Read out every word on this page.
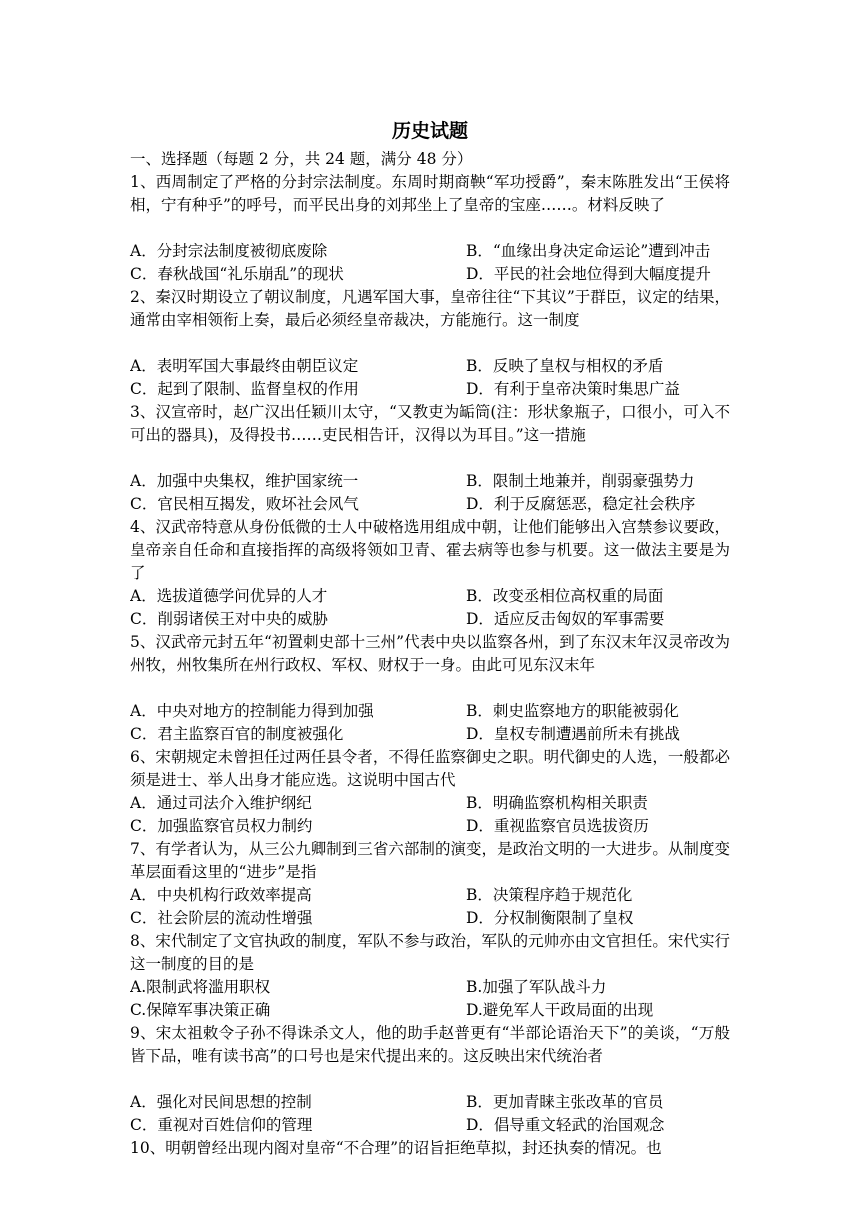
历史试题
一、选择题（每题 2 分，共 24 题，满分 48 分）
1、西周制定了严格的分封宗法制度。东周时期商鞅“军功授爵”，秦末陈胜发出“王侯将相，宁有种乎”的呼号，而平民出身的刘邦坐上了皇帝的宝座……。材料反映了
A．分封宗法制度被彻底废除	B．“血缘出身决定命运论”遭到冲击
C．春秋战国“礼乐崩乱”的现状	D．平民的社会地位得到大幅度提升
2、秦汉时期设立了朝议制度，凡遇军国大事，皇帝往往“下其议”于群臣，议定的结果，通常由宰相领衔上奏，最后必须经皇帝裁决，方能施行。这一制度
A．表明军国大事最终由朝臣议定	B．反映了皇权与相权的矛盾
C．起到了限制、监督皇权的作用	D．有利于皇帝决策时集思广益
3、汉宣帝时，赵广汉出任颖川太守，“又教吏为缿筒(注：形状象瓶子，口很小，可入不可出的器具)，及得投书……吏民相告讦，汉得以为耳目。”这一措施
A．加强中央集权，维护国家统一	B．限制土地兼并，削弱豪强势力
C．官民相互揭发，败坏社会风气	D．利于反腐惩恶，稳定社会秩序
4、汉武帝特意从身份低微的士人中破格选用组成中朝，让他们能够出入宫禁参议要政，皇帝亲自任命和直接指挥的高级将领如卫青、霍去病等也参与机要。这一做法主要是为了
A．选拔道德学问优异的人才	B．改变丞相位高权重的局面
C．削弱诸侯王对中央的威胁	D．适应反击匈奴的军事需要
5、汉武帝元封五年“初置刺史部十三州”代表中央以监察各州，到了东汉末年汉灵帝改为州牧，州牧集所在州行政权、军权、财权于一身。由此可见东汉末年
A．中央对地方的控制能力得到加强	B．刺史监察地方的职能被弱化
C．君主监察百官的制度被强化	D．皇权专制遭遇前所未有挑战
6、宋朝规定未曾担任过两任县令者，不得任监察御史之职。明代御史的人选，一般都必须是进士、举人出身才能应选。这说明中国古代
A．通过司法介入维护纲纪	B．明确监察机构相关职责
C．加强监察官员权力制约	D．重视监察官员选拔资历
7、有学者认为，从三公九卿制到三省六部制的演变，是政治文明的一大进步。从制度变革层面看这里的“进步”是指
A．中央机构行政效率提高	B．决策程序趋于规范化
C．社会阶层的流动性增强	D．分权制衡限制了皇权
8、宋代制定了文官执政的制度，军队不参与政治，军队的元帅亦由文官担任。宋代实行这一制度的目的是
A.限制武将滥用职权	B.加强了军队战斗力
C.保障军事决策正确	D.避免军人干政局面的出现
9、宋太祖敕令子孙不得诛杀文人，他的助手赵普更有“半部论语治天下”的美谈，“万般皆下品，唯有读书高”的口号也是宋代提出来的。这反映出宋代统治者
A．强化对民间思想的控制	B．更加青睐主张改革的官员
C．重视对百姓信仰的管理	D．倡导重文轻武的治国观念
10、明朝曾经出现内阁对皇帝“不合理”的诏旨拒绝草拟，封还执奏的情况。也
